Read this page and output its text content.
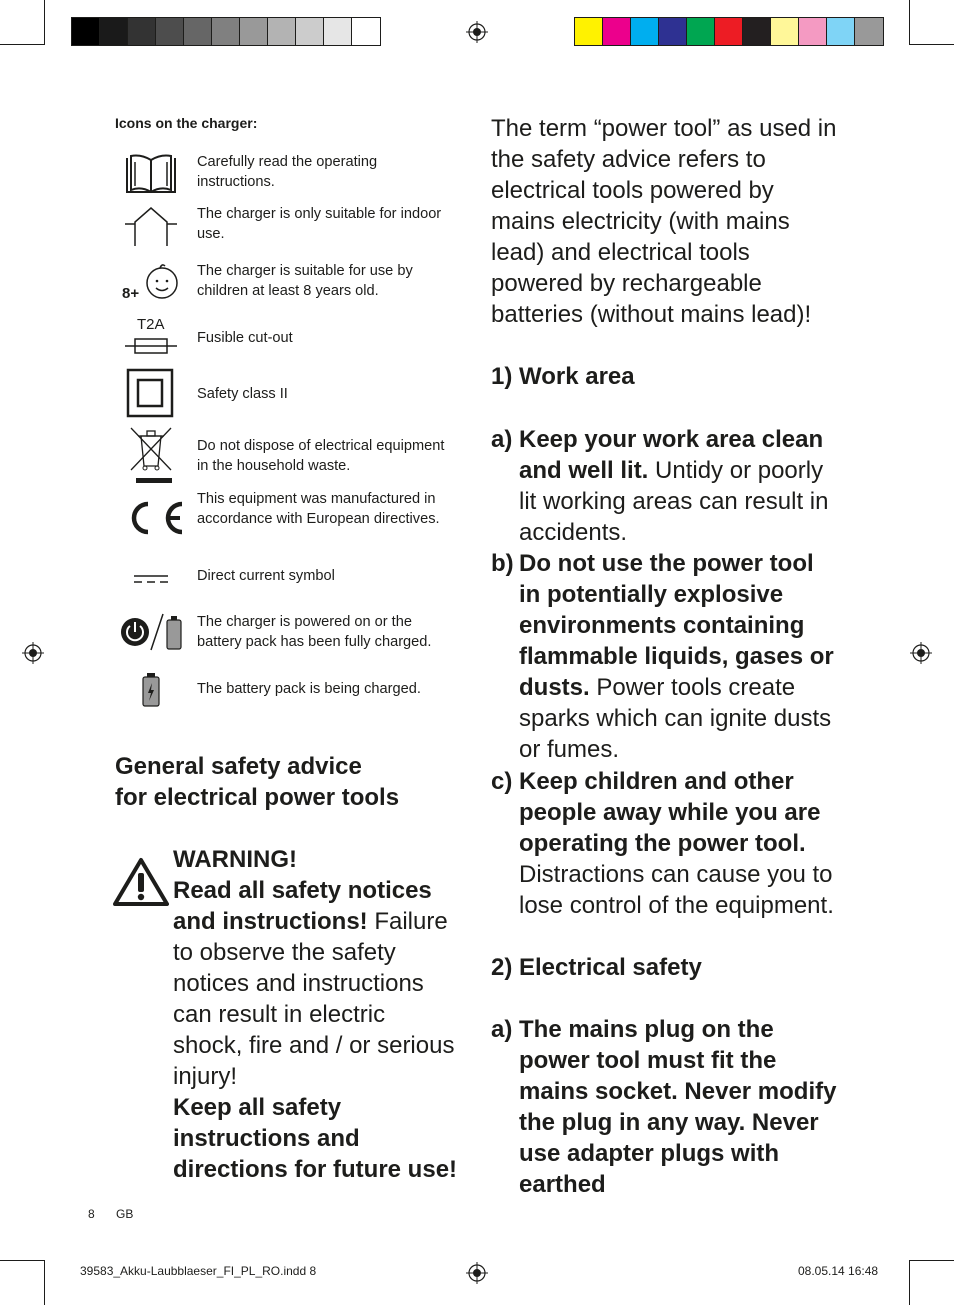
Icons on the charger:
Carefully read the operating instructions.
The charger is only suitable for indoor use.
8+
The charger is suitable for use by children at least 8 years old.
T2A
Fusible cut-out
Safety class II
Do not dispose of electrical equipment in the household waste.
This equipment was manufactured in accordance with European directives.
Direct current symbol
The charger is powered on or the battery pack has been fully charged.
The battery pack is being charged.
General safety advice
for electrical power tools
WARNING!
Read all safety notices and instructions! Failure to observe the safety notices and instructions can result in electric shock, fire and / or serious injury!
Keep all safety instructions and directions for future use!
The term “power tool” as used in the safety advice refers to electrical tools powered by mains electricity (with mains lead) and electrical tools powered by rechargeable batteries (without mains lead)!
1) Work area
a) Keep your work area clean and well lit. Untidy or poorly lit working areas can result in accidents.
b) Do not use the power tool in potentially explosive environments containing flammable liquids, gases or dusts. Power tools create sparks which can ignite dusts or fumes.
c) Keep children and other people away while you are operating the power tool. Distractions can cause you to lose control of the equipment.
2) Electrical safety
a) The mains plug on the power tool must fit the mains socket. Never modify the plug in any way. Never use adapter plugs with earthed
8 GB
39583_Akku-Laubblaeser_FI_PL_RO.indd 8	08.05.14 16:48
